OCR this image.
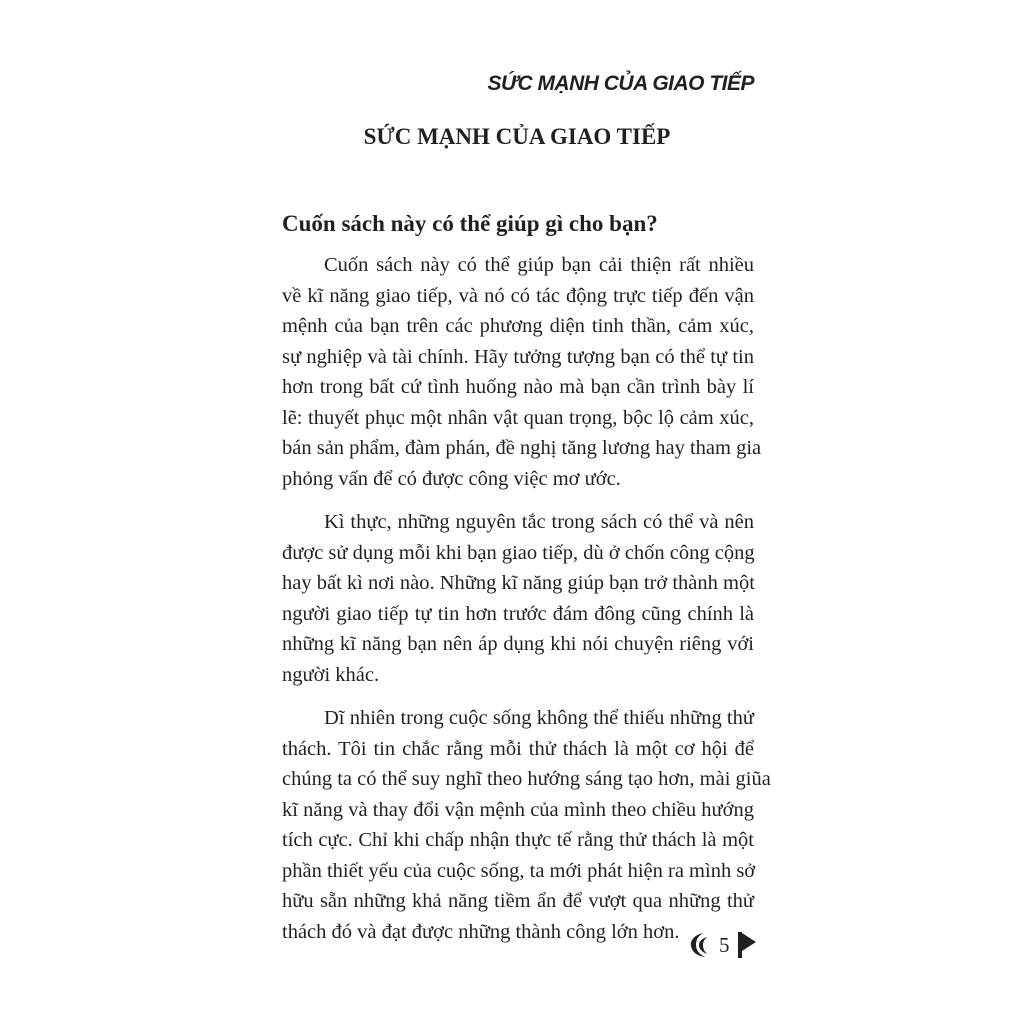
SỨC MẠNH CỦA GIAO TIẾP
SỨC MẠNH CỦA GIAO TIẾP
Cuốn sách này có thể giúp gì cho bạn?
Cuốn sách này có thể giúp bạn cải thiện rất nhiều
về kĩ năng giao tiếp, và nó có tác động trực tiếp đến vận
mệnh của bạn trên các phương diện tinh thần, cảm xúc,
sự nghiệp và tài chính. Hãy tưởng tượng bạn có thể tự tin
hơn trong bất cứ tình huống nào mà bạn cần trình bày lí
lẽ: thuyết phục một nhân vật quan trọng, bộc lộ cảm xúc,
bán sản phẩm, đàm phán, đề nghị tăng lương hay tham gia
phỏng vấn để có được công việc mơ ước.
Kì thực, những nguyên tắc trong sách có thể và nên
được sử dụng mỗi khi bạn giao tiếp, dù ở chốn công cộng
hay bất kì nơi nào. Những kĩ năng giúp bạn trở thành một
người giao tiếp tự tin hơn trước đám đông cũng chính là
những kĩ năng bạn nên áp dụng khi nói chuyện riêng với
người khác.
Dĩ nhiên trong cuộc sống không thể thiếu những thử
thách. Tôi tin chắc rằng mỗi thử thách là một cơ hội để
chúng ta có thể suy nghĩ theo hướng sáng tạo hơn, mài giũa
kĩ năng và thay đổi vận mệnh của mình theo chiều hướng
tích cực. Chỉ khi chấp nhận thực tế rằng thử thách là một
phần thiết yếu của cuộc sống, ta mới phát hiện ra mình sở
hữu sẵn những khả năng tiềm ẩn để vượt qua những thử
thách đó và đạt được những thành công lớn hơn.
5
